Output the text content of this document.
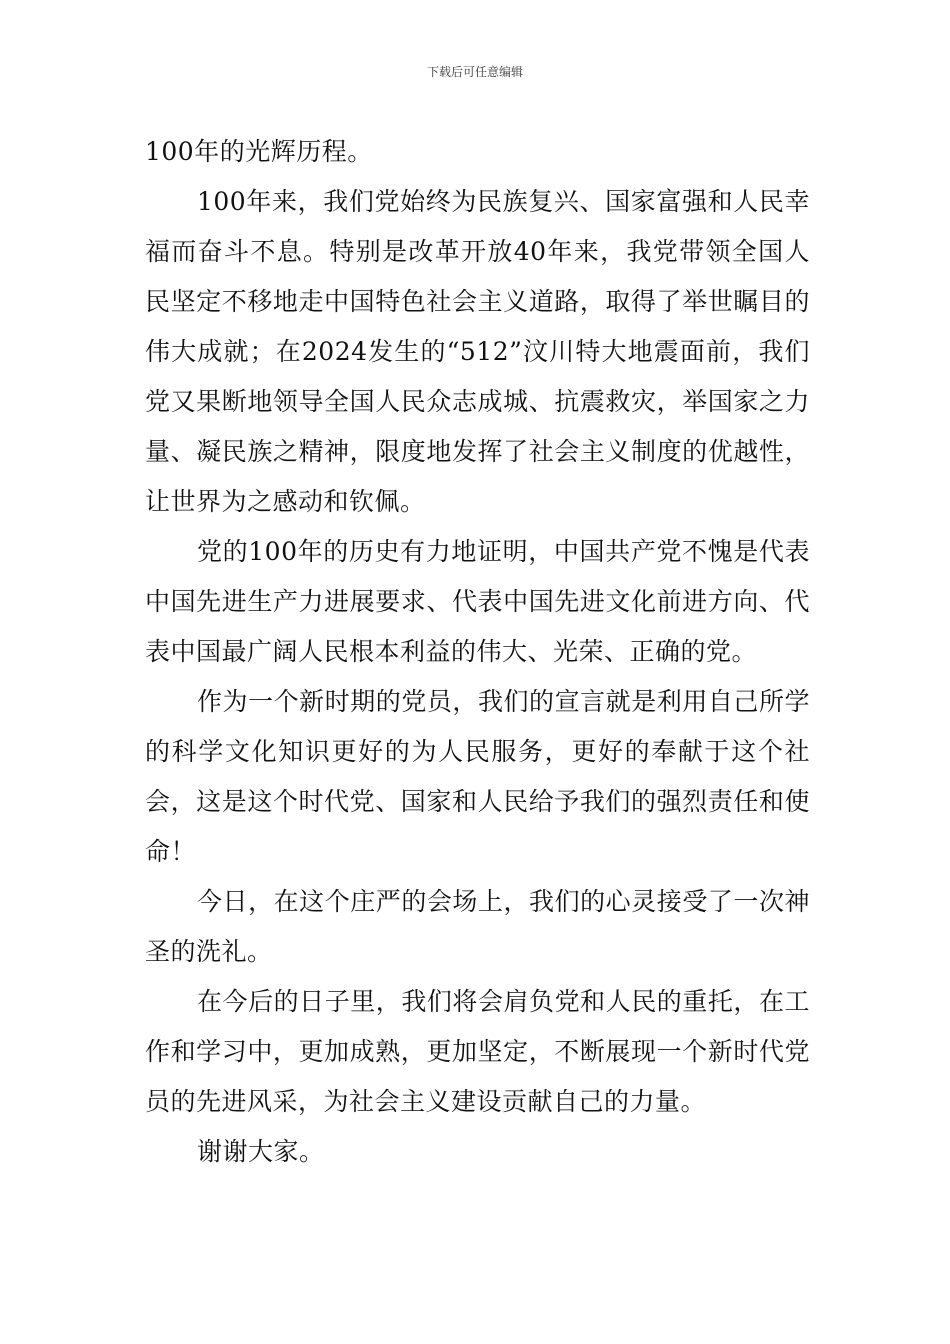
下载后可任意编辑

100年的光辉历程。

100年来，我们党始终为民族复兴、国家富强和人民幸福而奋斗不息。特别是改革开放40年来，我党带领全国人民坚定不移地走中国特色社会主义道路，取得了举世瞩目的伟大成就；在2024发生的“512”汶川特大地震面前，我们党又果断地领导全国人民众志成城、抗震救灾，举国家之力量、凝民族之精神，限度地发挥了社会主义制度的优越性，让世界为之感动和钦佩。

党的100年的历史有力地证明，中国共产党不愧是代表中国先进生产力进展要求、代表中国先进文化前进方向、代表中国最广阔人民根本利益的伟大、光荣、正确的党。

作为一个新时期的党员，我们的宣言就是利用自己所学的科学文化知识更好的为人民服务，更好的奉献于这个社会，这是这个时代党、国家和人民给予我们的强烈责任和使命！

今日，在这个庄严的会场上，我们的心灵接受了一次神圣的洗礼。

在今后的日子里，我们将会肩负党和人民的重托，在工作和学习中，更加成熟，更加坚定，不断展现一个新时代党员的先进风采，为社会主义建设贡献自己的力量。

谢谢大家。
